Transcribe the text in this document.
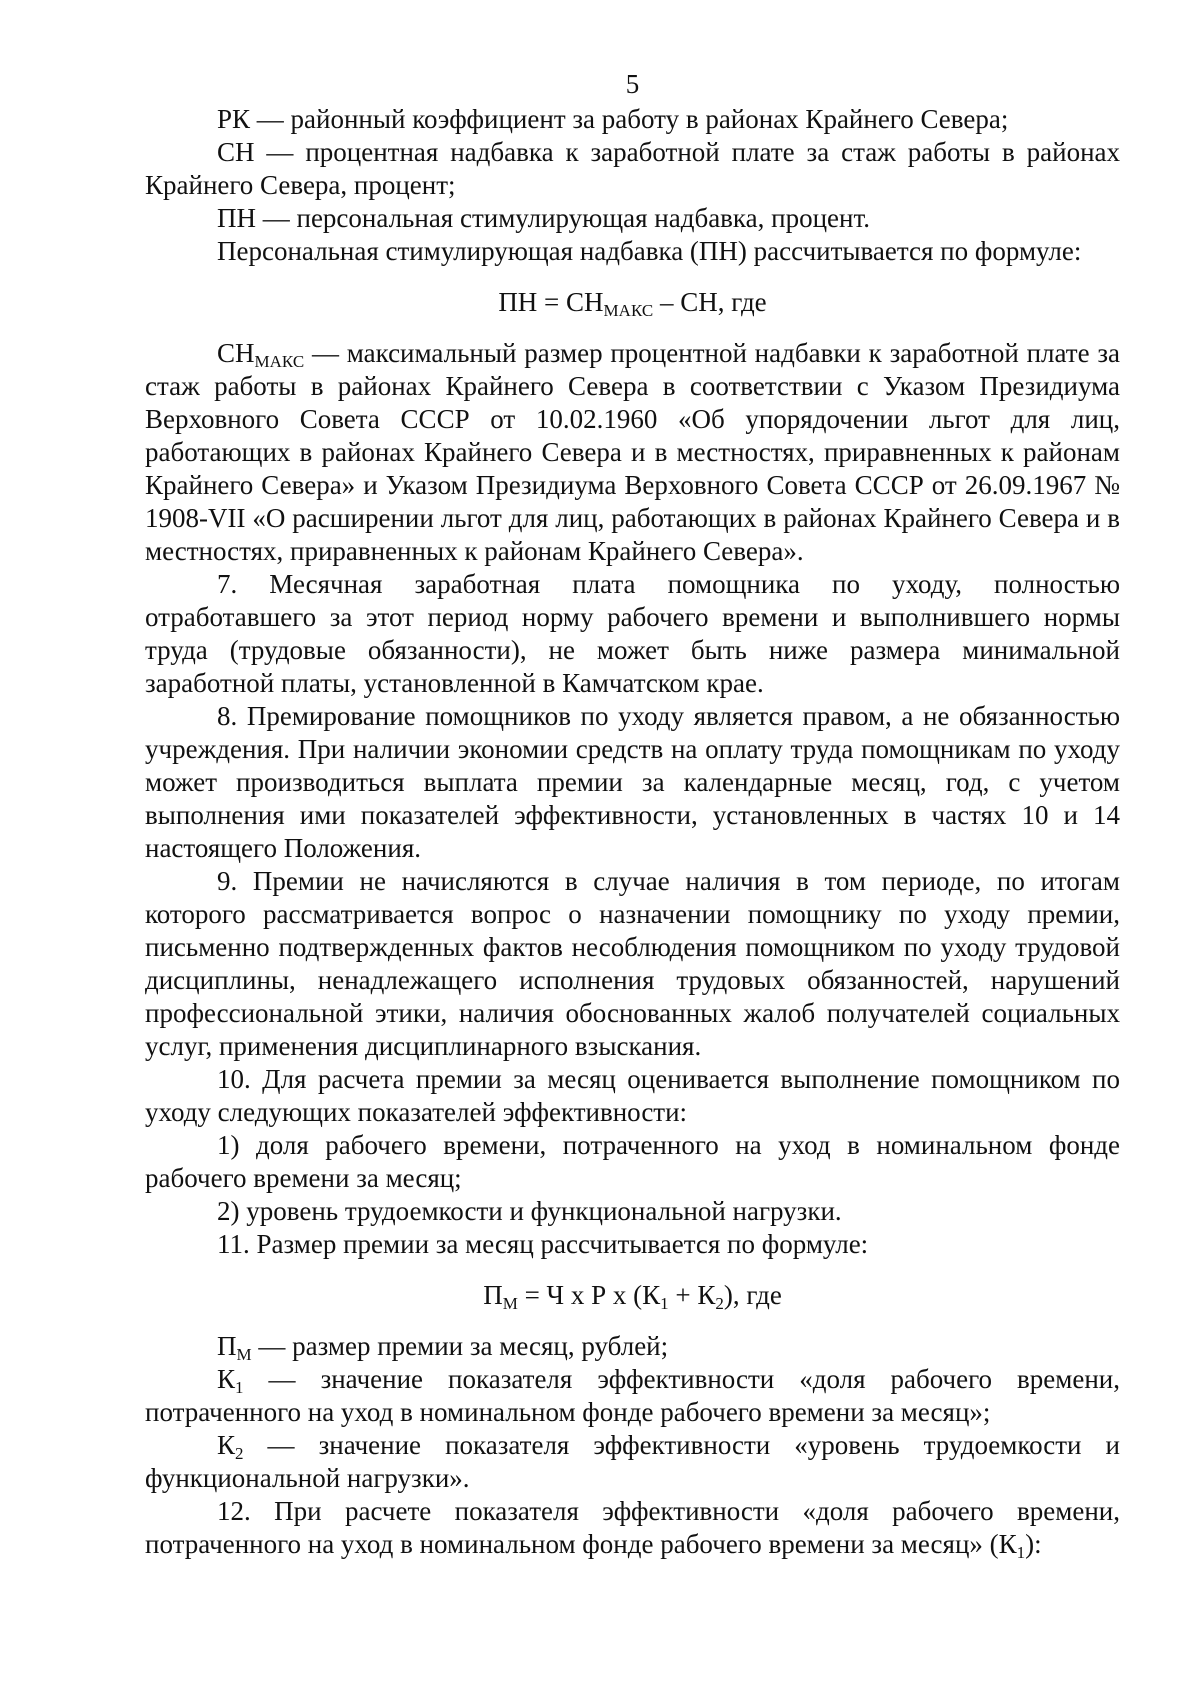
5

РК — районный коэффициент за работу в районах Крайнего Севера;

СН — процентная надбавка к заработной плате за стаж работы в районах Крайнего Севера, процент;

ПН — персональная стимулирующая надбавка, процент.

Персональная стимулирующая надбавка (ПН) рассчитывается по формуле:

ПН = $СН_{МАКС}$ – СН, где

$СН_{МАКС}$ — максимальный размер процентной надбавки к заработной плате за стаж работы в районах Крайнего Севера в соответствии с Указом Президиума Верховного Совета СССР от 10.02.1960 «Об упорядочении льгот для лиц, работающих в районах Крайнего Севера и в местностях, приравненных к районам Крайнего Севера» и Указом Президиума Верховного Совета СССР от 26.09.1967 № 1908-VII «О расширении льгот для лиц, работающих в районах Крайнего Севера и в местностях, приравненных к районам Крайнего Севера».

7. Месячная заработная плата помощника по уходу, полностью отработавшего за этот период норму рабочего времени и выполнившего нормы труда (трудовые обязанности), не может быть ниже размера минимальной заработной платы, установленной в Камчатском крае.

8. Премирование помощников по уходу является правом, а не обязанностью учреждения. При наличии экономии средств на оплату труда помощникам по уходу может производиться выплата премии за календарные месяц, год, с учетом выполнения ими показателей эффективности, установленных в частях 10 и 14 настоящего Положения.

9. Премии не начисляются в случае наличия в том периоде, по итогам которого рассматривается вопрос о назначении помощнику по уходу премии, письменно подтвержденных фактов несоблюдения помощником по уходу трудовой дисциплины, ненадлежащего исполнения трудовых обязанностей, нарушений профессиональной этики, наличия обоснованных жалоб получателей социальных услуг, применения дисциплинарного взыскания.

10. Для расчета премии за месяц оценивается выполнение помощником по уходу следующих показателей эффективности:

1) доля рабочего времени, потраченного на уход в номинальном фонде рабочего времени за месяц;

2) уровень трудоемкости и функциональной нагрузки.

11. Размер премии за месяц рассчитывается по формуле:

$П_М = Ч$ х Р х $(К_1 + К_2)$, где

$П_М$ — размер премии за месяц, рублей;

$К_1$ — значение показателя эффективности «доля рабочего времени, потраченного на уход в номинальном фонде рабочего времени за месяц»;

$К_2$ — значение показателя эффективности «уровень трудоемкости и функциональной нагрузки».

12. При расчете показателя эффективности «доля рабочего времени, потраченного на уход в номинальном фонде рабочего времени за месяц» $(К_1)$:
